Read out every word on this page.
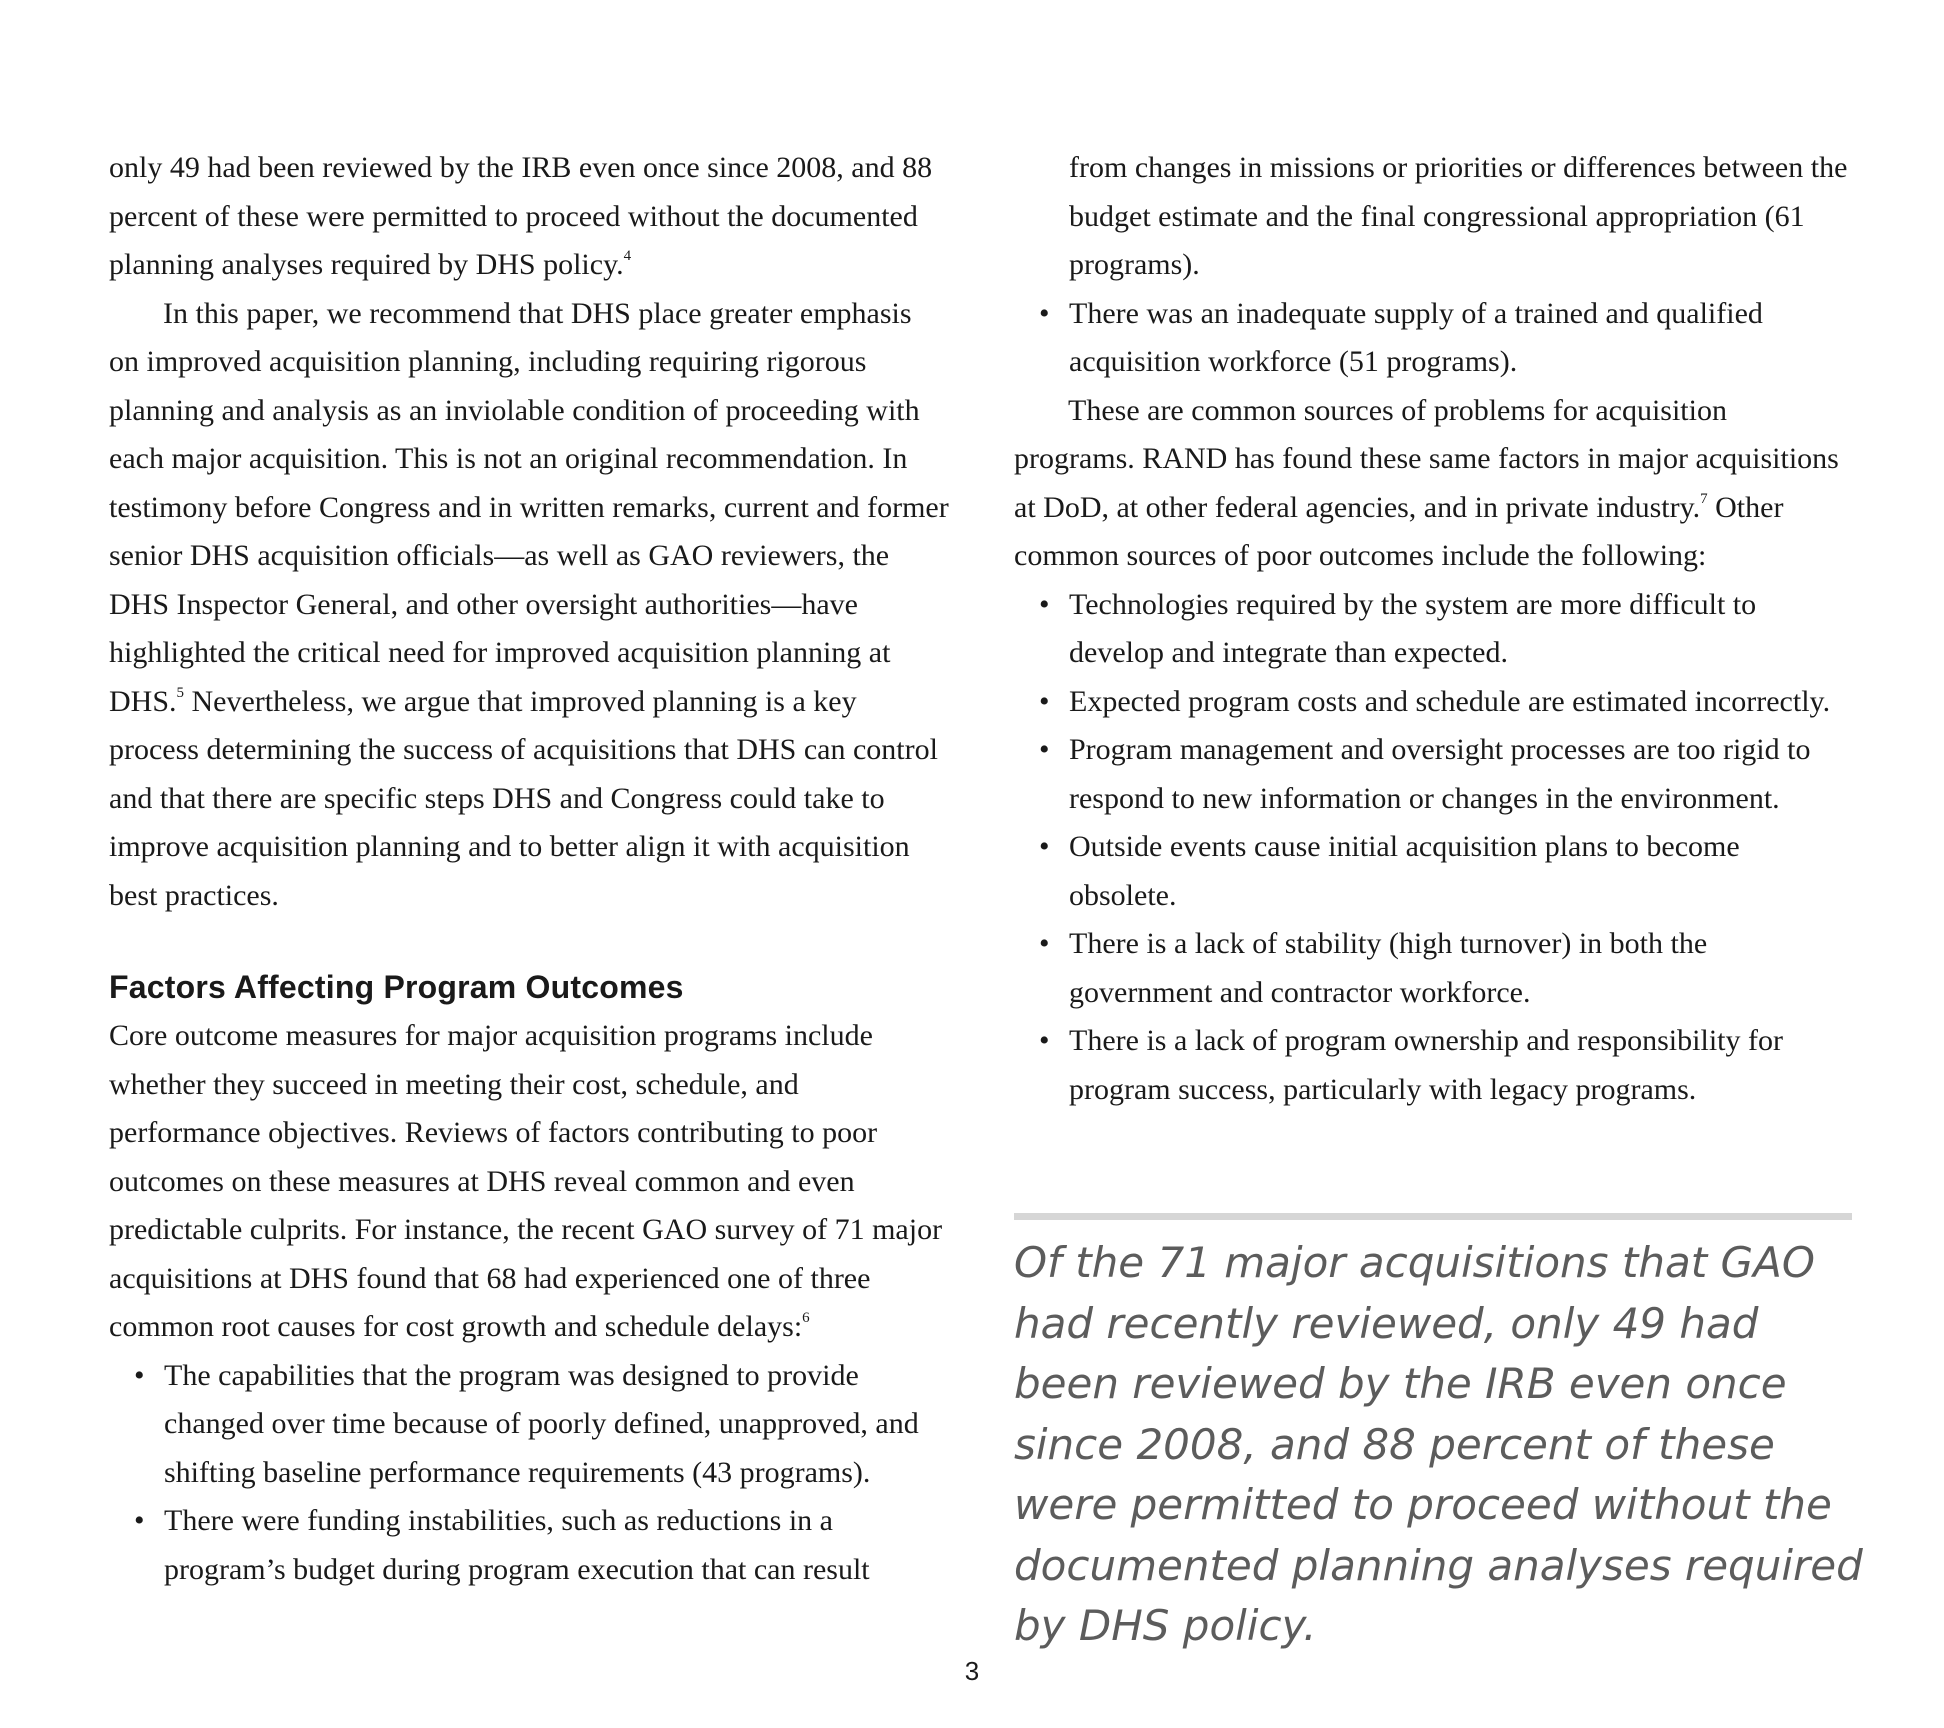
only 49 had been reviewed by the IRB even once since 2008, and 88 percent of these were permitted to proceed without the documented planning analyses required by DHS policy.$^4$

In this paper, we recommend that DHS place greater emphasis on improved acquisition planning, including requiring rigorous planning and analysis as an inviolable condition of proceeding with each major acquisition. This is not an original recommendation. In testimony before Congress and in written remarks, current and former senior DHS acquisition officials—as well as GAO reviewers, the DHS Inspector General, and other oversight authorities—have highlighted the critical need for improved acquisition planning at DHS.$^5$ Nevertheless, we argue that improved planning is a key process determining the success of acquisitions that DHS can control and that there are specific steps DHS and Congress could take to improve acquisition planning and to better align it with acquisition best practices.

Factors Affecting Program Outcomes

Core outcome measures for major acquisition programs include whether they succeed in meeting their cost, schedule, and performance objectives. Reviews of factors contributing to poor outcomes on these measures at DHS reveal common and even predictable culprits. For instance, the recent GAO survey of 71 major acquisitions at DHS found that 68 had experienced one of three common root causes for cost growth and schedule delays:$^6$

• The capabilities that the program was designed to provide changed over time because of poorly defined, unapproved, and shifting baseline performance requirements (43 programs).
• There were funding instabilities, such as reductions in a program’s budget during program execution that can result
from changes in missions or priorities or differences between the budget estimate and the final congressional appropriation (61 programs).
• There was an inadequate supply of a trained and qualified acquisition workforce (51 programs).

These are common sources of problems for acquisition programs. RAND has found these same factors in major acquisitions at DoD, at other federal agencies, and in private industry.$^7$ Other common sources of poor outcomes include the following:

• Technologies required by the system are more difficult to develop and integrate than expected.
• Expected program costs and schedule are estimated incorrectly.
• Program management and oversight processes are too rigid to respond to new information or changes in the environment.
• Outside events cause initial acquisition plans to become obsolete.
• There is a lack of stability (high turnover) in both the government and contractor workforce.
• There is a lack of program ownership and responsibility for program success, particularly with legacy programs.

Of the 71 major acquisitions that GAO had recently reviewed, only 49 had been reviewed by the IRB even once since 2008, and 88 percent of these were permitted to proceed without the documented planning analyses required by DHS policy.

3
